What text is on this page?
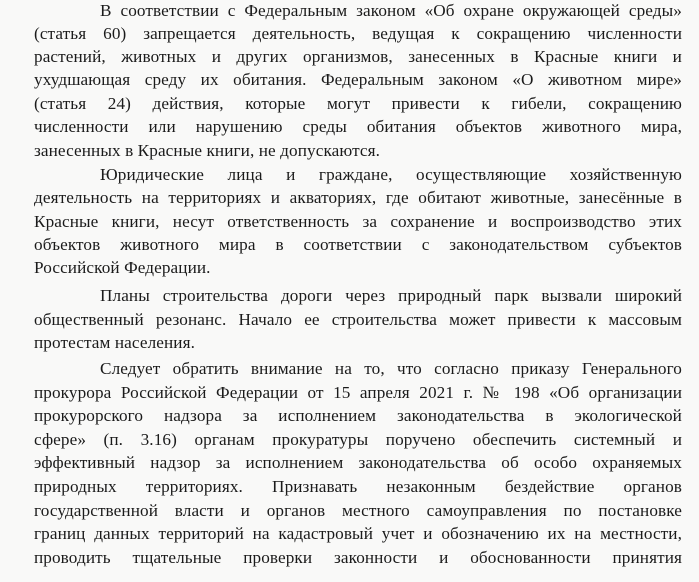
В соответствии с Федеральным законом «Об охране окружающей среды»
(статья 60) запрещается деятельность, ведущая к сокращению численности
растений, животных и других организмов, занесенных в Красные книги и
ухудшающая среду их обитания. Федеральным законом «О животном мире»
(статья 24) действия, которые могут привести к гибели, сокращению
численности или нарушению среды обитания объектов животного мира,
занесенных в Красные книги, не допускаются.
Юридические лица и граждане, осуществляющие хозяйственную
деятельность на территориях и акваториях, где обитают животные, занесённые в
Красные книги, несут ответственность за сохранение и воспроизводство этих
объектов животного мира в соответствии с законодательством субъектов
Российской Федерации.
Планы строительства дороги через природный парк вызвали широкий
общественный резонанс. Начало ее строительства может привести к массовым
протестам населения.
Следует обратить внимание на то, что согласно приказу Генерального
прокурора Российской Федерации от 15 апреля 2021 г. № 198 «Об организации
прокурорского надзора за исполнением законодательства в экологической
сфере» (п. 3.16) органам прокуратуры поручено обеспечить системный и
эффективный надзор за исполнением законодательства об особо охраняемых
природных территориях. Признавать незаконным бездействие органов
государственной власти и органов местного самоуправления по постановке
границ данных территорий на кадастровый учет и обозначению их на местности,
проводить тщательные проверки законности и обоснованности принятия
